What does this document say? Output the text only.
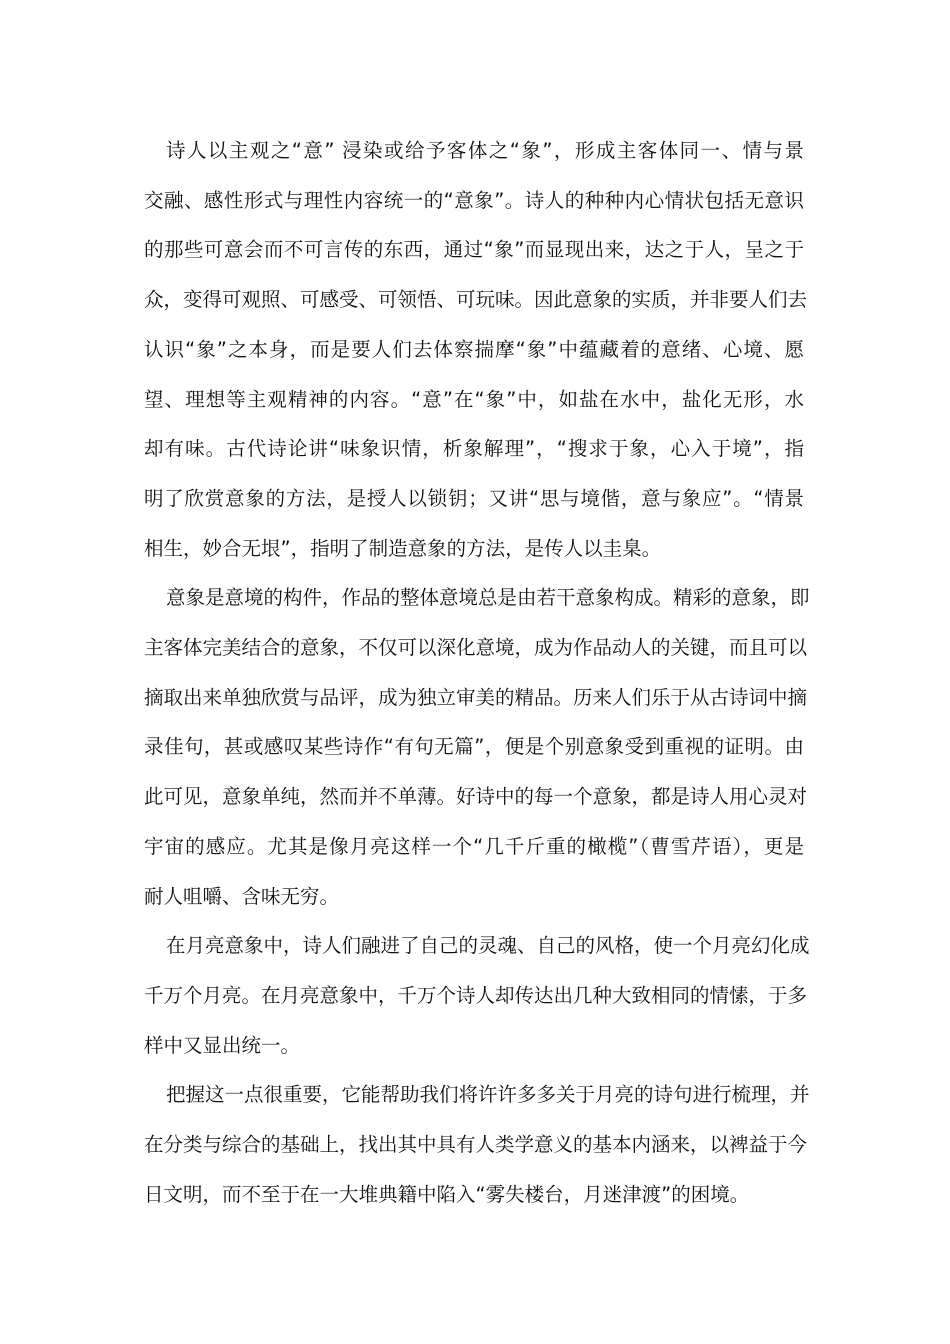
诗人以主观之“意” 浸染或给予客体之“象”，形成主客体同一、情与景
交融、感性形式与理性内容统一的“意象”。诗人的种种内心情状包括无意识
的那些可意会而不可言传的东西，通过“象”而显现出来，达之于人，呈之于
众，变得可观照、可感受、可领悟、可玩味。因此意象的实质，并非要人们去
认识“象”之本身，而是要人们去体察揣摩“象”中蕴藏着的意绪、心境、愿
望、理想等主观精神的内容。“意”在“象”中，如盐在水中，盐化无形，水
却有味。古代诗论讲“味象识情，析象解理”，“搜求于象，心入于境”，指
明了欣赏意象的方法，是授人以锁钥；又讲“思与境偕，意与象应”。“情景
相生，妙合无垠”，指明了制造意象的方法，是传人以圭臬。

意象是意境的构件，作品的整体意境总是由若干意象构成。精彩的意象，即
主客体完美结合的意象，不仅可以深化意境，成为作品动人的关键，而且可以
摘取出来单独欣赏与品评，成为独立审美的精品。历来人们乐于从古诗词中摘
录佳句，甚或感叹某些诗作“有句无篇”，便是个别意象受到重视的证明。由
此可见，意象单纯，然而并不单薄。好诗中的每一个意象，都是诗人用心灵对
宇宙的感应。尤其是像月亮这样一个“几千斤重的橄榄”（曹雪芹语），更是
耐人咀嚼、含味无穷。

在月亮意象中，诗人们融进了自己的灵魂、自己的风格，使一个月亮幻化成
千万个月亮。在月亮意象中，千万个诗人却传达出几种大致相同的情愫，于多
样中又显出统一。

把握这一点很重要，它能帮助我们将许许多多关于月亮的诗句进行梳理，并
在分类与综合的基础上，找出其中具有人类学意义的基本内涵来，以裨益于今
日文明，而不至于在一大堆典籍中陷入“雾失楼台，月迷津渡”的困境。
